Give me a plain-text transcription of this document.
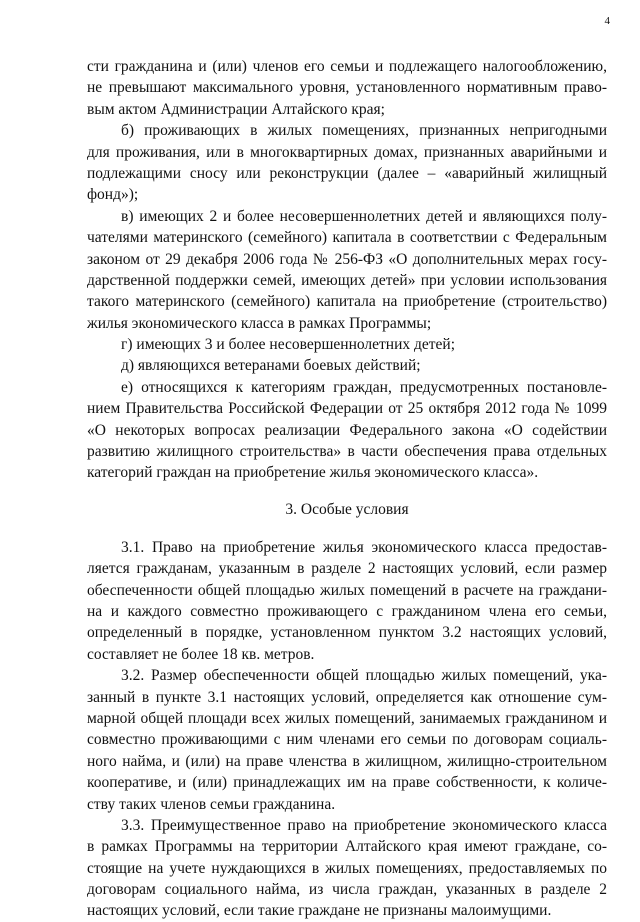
4
сти гражданина и (или) членов его семьи и подлежащего налогообложению,
не превышают максимального уровня, установленного нормативным право-
вым актом Администрации Алтайского края;
б) проживающих в жилых помещениях, признанных непригодными
для проживания, или в многоквартирных домах, признанных аварийными и
подлежащими сносу или реконструкции (далее – «аварийный жилищный
фонд»);
в) имеющих 2 и более несовершеннолетних детей и являющихся полу-
чателями материнского (семейного) капитала в соответствии с Федеральным
законом от 29 декабря 2006 года № 256-ФЗ «О дополнительных мерах госу-
дарственной поддержки семей, имеющих детей» при условии использования
такого материнского (семейного) капитала на приобретение (строительство)
жилья экономического класса в рамках Программы;
г) имеющих 3 и более несовершеннолетних детей;
д) являющихся ветеранами боевых действий;
е) относящихся к категориям граждан, предусмотренных постановле-
нием Правительства Российской Федерации от 25 октября 2012 года № 1099
«О некоторых вопросах реализации Федерального закона «О содействии
развитию жилищного строительства» в части обеспечения права отдельных
категорий граждан на приобретение жилья экономического класса».
3. Особые условия
3.1. Право на приобретение жилья экономического класса предостав-
ляется гражданам, указанным в разделе 2 настоящих условий, если размер
обеспеченности общей площадью жилых помещений в расчете на граждани-
на и каждого совместно проживающего с гражданином члена его семьи,
определенный в порядке, установленном пунктом 3.2 настоящих условий,
составляет не более 18 кв. метров.
3.2. Размер обеспеченности общей площадью жилых помещений, ука-
занный в пункте 3.1 настоящих условий, определяется как отношение сум-
марной общей площади всех жилых помещений, занимаемых гражданином и
совместно проживающими с ним членами его семьи по договорам социаль-
ного найма, и (или) на праве членства в жилищном, жилищно-строительном
кооперативе, и (или) принадлежащих им на праве собственности, к количе-
ству таких членов семьи гражданина.
3.3. Преимущественное право на приобретение экономического класса
в рамках Программы на территории Алтайского края имеют граждане, со-
стоящие на учете нуждающихся в жилых помещениях, предоставляемых по
договорам социального найма, из числа граждан, указанных в разделе 2
настоящих условий, если такие граждане не признаны малоимущими.
